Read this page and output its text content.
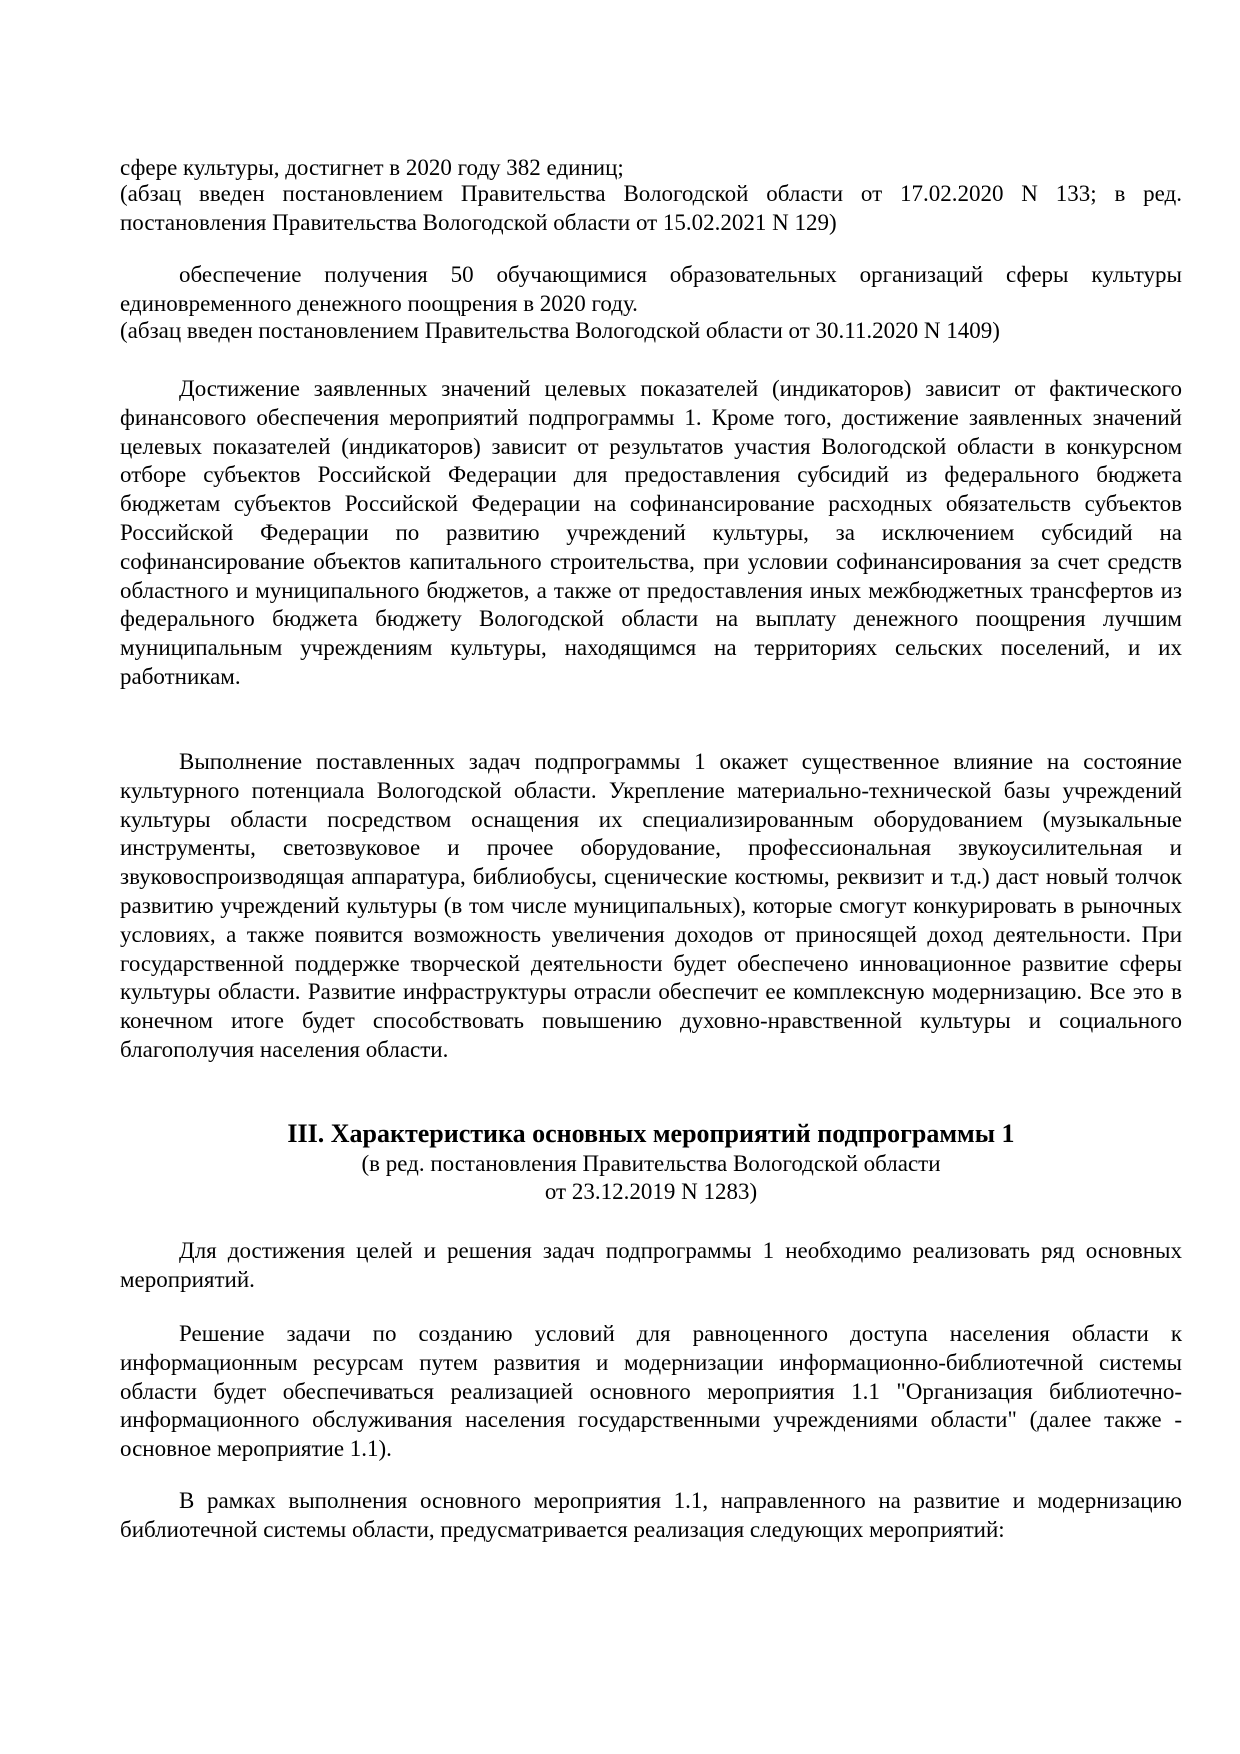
сфере культуры, достигнет в 2020 году 382 единиц;

(абзац введен постановлением Правительства Вологодской области от 17.02.2020 N 133; в ред. постановления Правительства Вологодской области от 15.02.2021 N 129)

обеспечение получения 50 обучающимися образовательных организаций сферы культуры единовременного денежного поощрения в 2020 году.

(абзац введен постановлением Правительства Вологодской области от 30.11.2020 N 1409)

Достижение заявленных значений целевых показателей (индикаторов) зависит от фактического финансового обеспечения мероприятий подпрограммы 1. Кроме того, достижение заявленных значений целевых показателей (индикаторов) зависит от результатов участия Вологодской области в конкурсном отборе субъектов Российской Федерации для предоставления субсидий из федерального бюджета бюджетам субъектов Российской Федерации на софинансирование расходных обязательств субъектов Российской Федерации по развитию учреждений культуры, за исключением субсидий на софинансирование объектов капитального строительства, при условии софинансирования за счет средств областного и муниципального бюджетов, а также от предоставления иных межбюджетных трансфертов из федерального бюджета бюджету Вологодской области на выплату денежного поощрения лучшим муниципальным учреждениям культуры, находящимся на территориях сельских поселений, и их работникам.

Выполнение поставленных задач подпрограммы 1 окажет существенное влияние на состояние культурного потенциала Вологодской области. Укрепление материально-технической базы учреждений культуры области посредством оснащения их специализированным оборудованием (музыкальные инструменты, светозвуковое и прочее оборудование, профессиональная звукоусилительная и звуковоспроизводящая аппаратура, библиобусы, сценические костюмы, реквизит и т.д.) даст новый толчок развитию учреждений культуры (в том числе муниципальных), которые смогут конкурировать в рыночных условиях, а также появится возможность увеличения доходов от приносящей доход деятельности. При государственной поддержке творческой деятельности будет обеспечено инновационное развитие сферы культуры области. Развитие инфраструктуры отрасли обеспечит ее комплексную модернизацию. Все это в конечном итоге будет способствовать повышению духовно-нравственной культуры и социального благополучия населения области.

III. Характеристика основных мероприятий подпрограммы 1

(в ред. постановления Правительства Вологодской области

от 23.12.2019 N 1283)

Для достижения целей и решения задач подпрограммы 1 необходимо реализовать ряд основных мероприятий.

Решение задачи по созданию условий для равноценного доступа населения области к информационным ресурсам путем развития и модернизации информационно-библиотечной системы области будет обеспечиваться реализацией основного мероприятия 1.1 "Организация библиотечно-информационного обслуживания населения государственными учреждениями области" (далее также - основное мероприятие 1.1).

В рамках выполнения основного мероприятия 1.1, направленного на развитие и модернизацию библиотечной системы области, предусматривается реализация следующих мероприятий:
